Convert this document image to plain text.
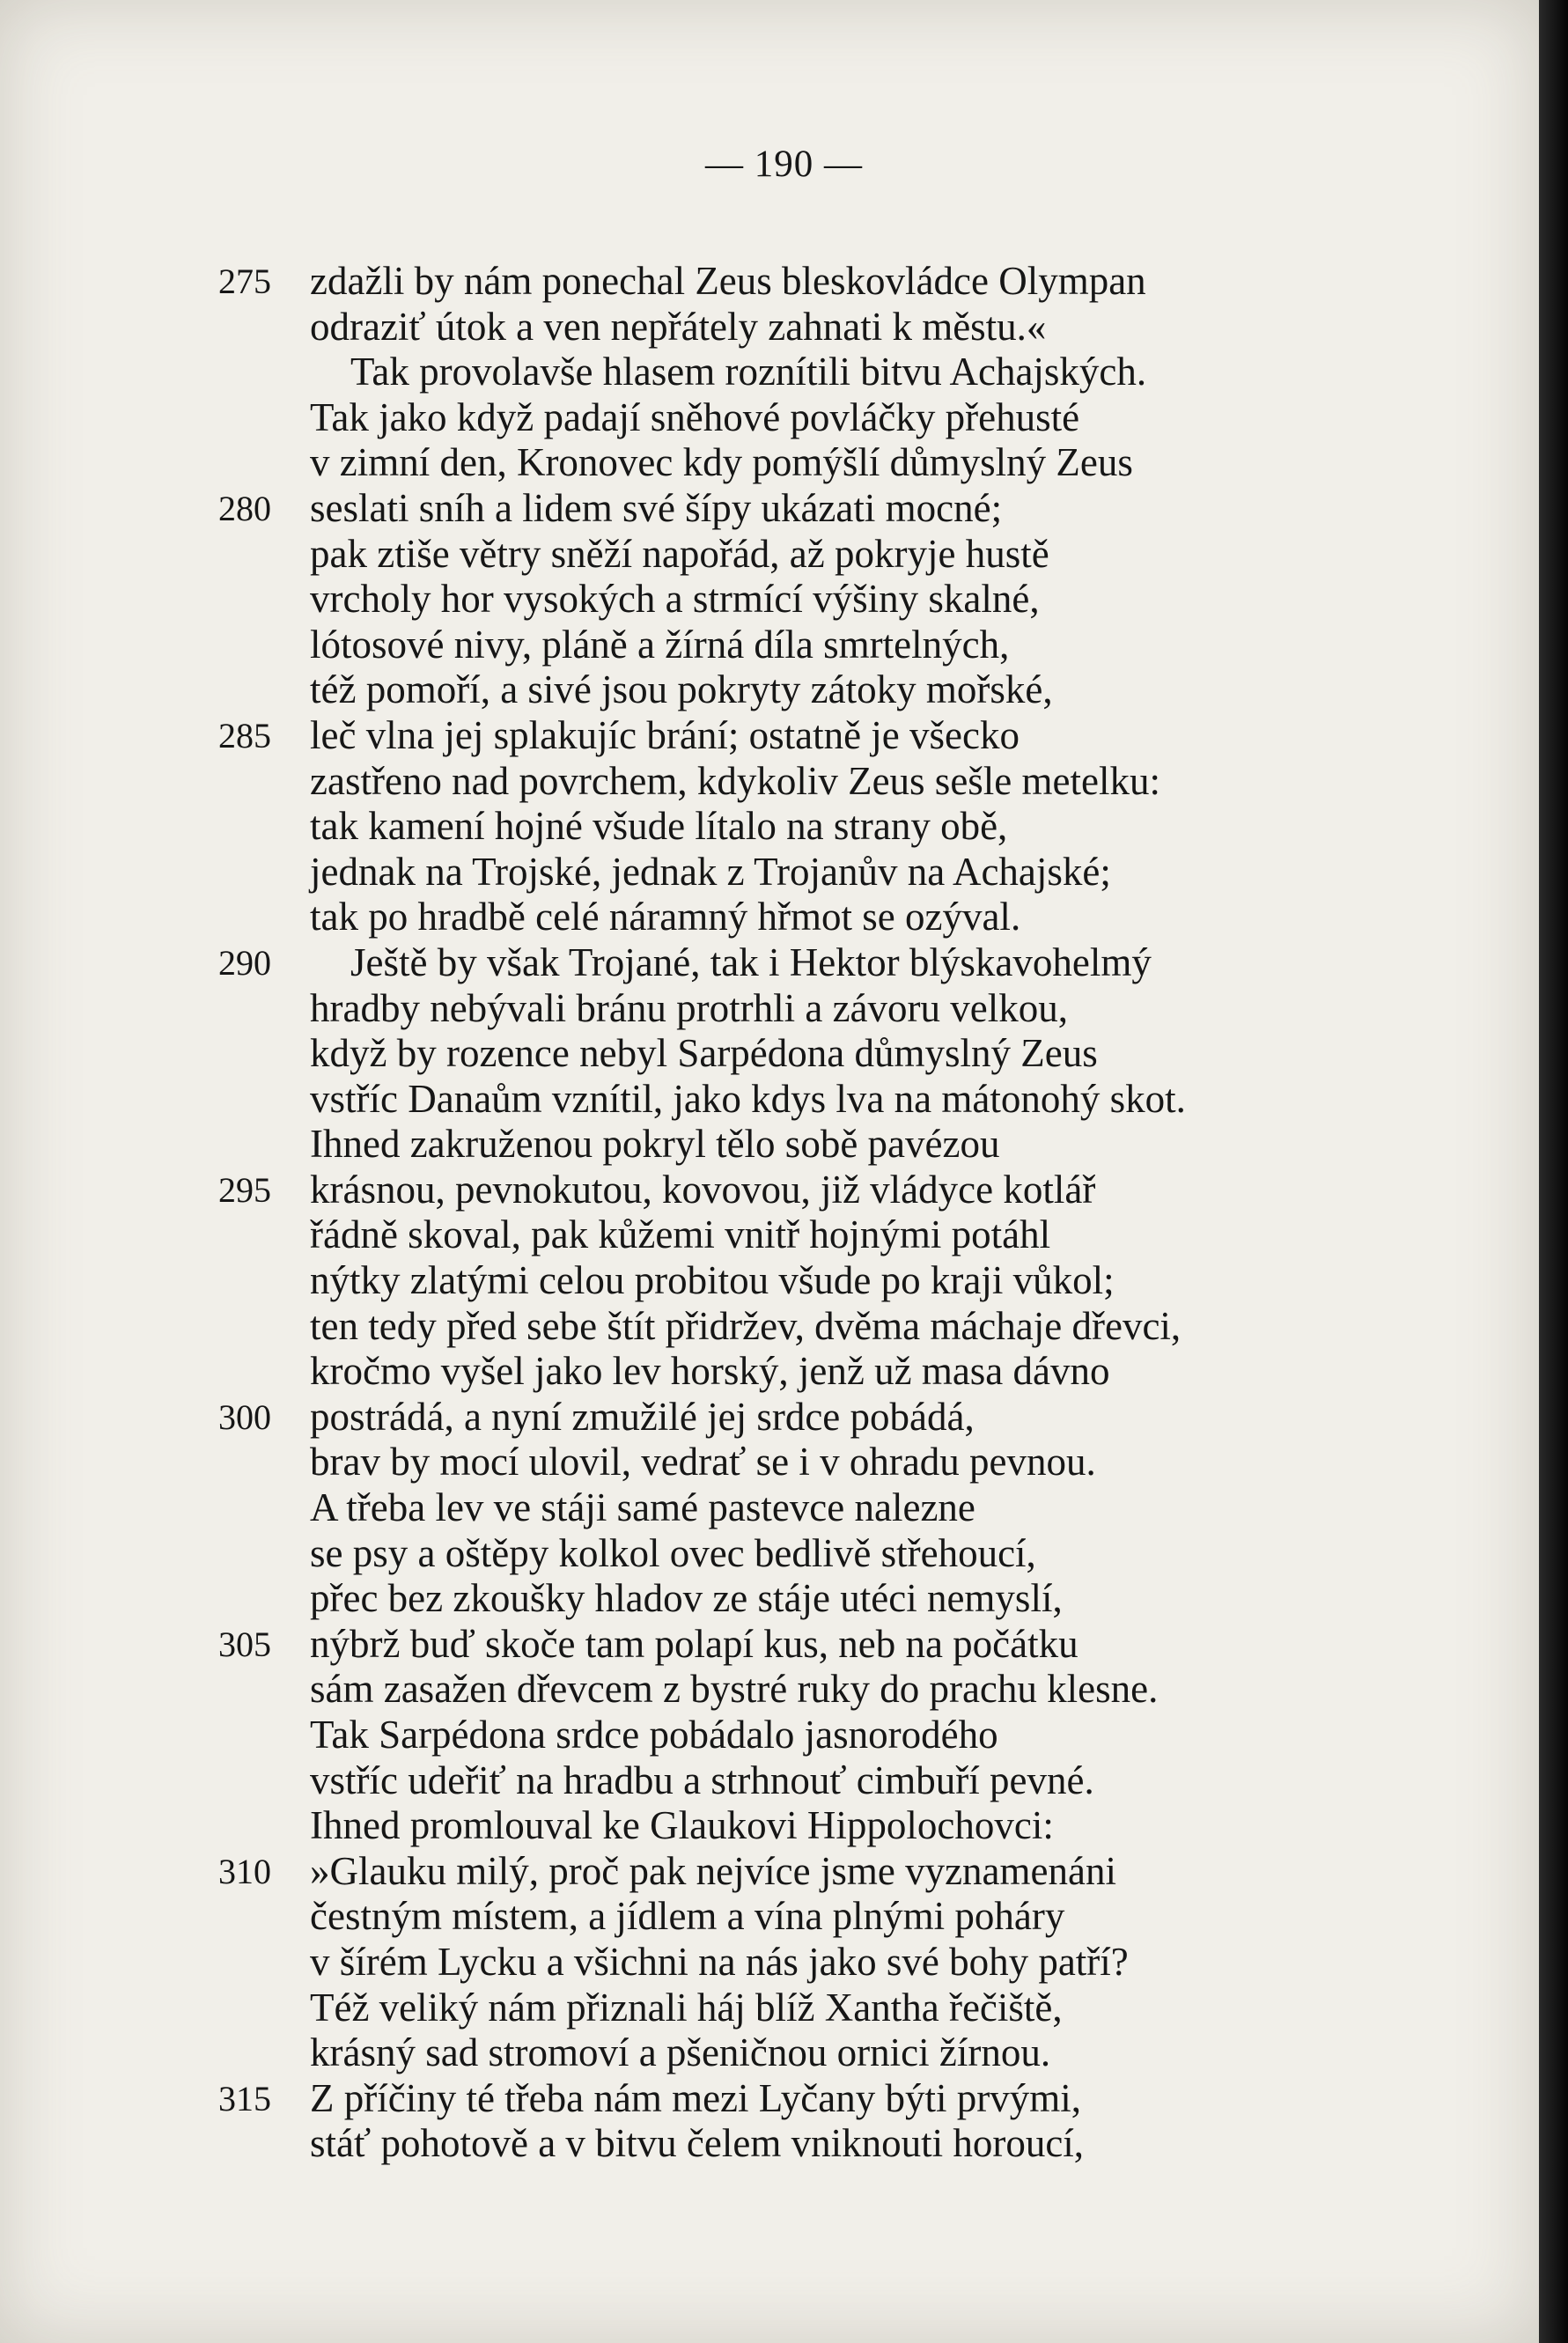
— 190 —
275 zdažli by nám ponechal Zeus bleskovládce Olympan
odraziť útok a ven nepřátely zahnati k městu.«
Tak provolavše hlasem roznítili bitvu Achajských.
Tak jako když padají sněhové povláčky přehusté
v zimní den, Kronovec kdy pomýšlí důmyslný Zeus
280 seslati sníh a lidem své šípy ukázati mocné;
pak ztiše větry sněží napořád, až pokryje hustě
vrcholy hor vysokých a strmící výšiny skalné,
lótosové nivy, pláně a žírná díla smrtelných,
též pomoří, a sivé jsou pokryty zátoky mořské,
285 leč vlna jej splakujíc brání; ostatně je všecko
zastřeno nad povrchem, kdykoliv Zeus sešle metelku:
tak kamení hojné všude lítalo na strany obě,
jednak na Trojské, jednak z Trojanův na Achajské;
tak po hradbě celé náramný hřmot se ozýval.
290	Ještě by však Trojané, tak i Hektor blýskavohelmý
hradby nebývali bránu protrhli a závoru velkou,
když by rozence nebyl Sarpédona důmyslný Zeus
vstříc Danaům vznítil, jako kdys lva na mátonohý skot.
Ihned zakruženou pokryl tělo sobě pavézou
295 krásnou, pevnokutou, kovovou, již vládyce kotlář
řádně skoval, pak kůžemi vnitř hojnými potáhl
nýtky zlatými celou probitou všude po kraji vůkol;
ten tedy před sebe štít přidržev, dvěma máchaje dřevci,
kročmo vyšel jako lev horský, jenž už masa dávno
300 postrádá, a nyní zmužilé jej srdce pobádá,
brav by mocí ulovil, vedrať se i v ohradu pevnou.
A třeba lev ve stáji samé pastevce nalezne
se psy a oštěpy kolkol ovec bedlivě střehoucí,
přec bez zkoušky hladov ze stáje utéci nemyslí,
305 nýbrž buď skoče tam polapí kus, neb na počátku
sám zasažen dřevcem z bystré ruky do prachu klesne.
Tak Sarpédona srdce pobádalo jasnorodého
vstříc udeřiť na hradbu a strhnouť cimbuří pevné.
Ihned promlouval ke Glaukovi Hippolochovci:
310 »Glauku milý, proč pak nejvíce jsme vyznamenáni
čestným místem, a jídlem a vína plnými poháry
v šírém Lycku a všichni na nás jako své bohy patří?
Též veliký nám přiznali háj blíž Xantha řečiště,
krásný sad stromoví a pšeničnou ornici žírnou.
315 Z příčiny té třeba nám mezi Lyčany býti prvými,
stáť pohotově a v bitvu čelem vniknouti horoucí,
